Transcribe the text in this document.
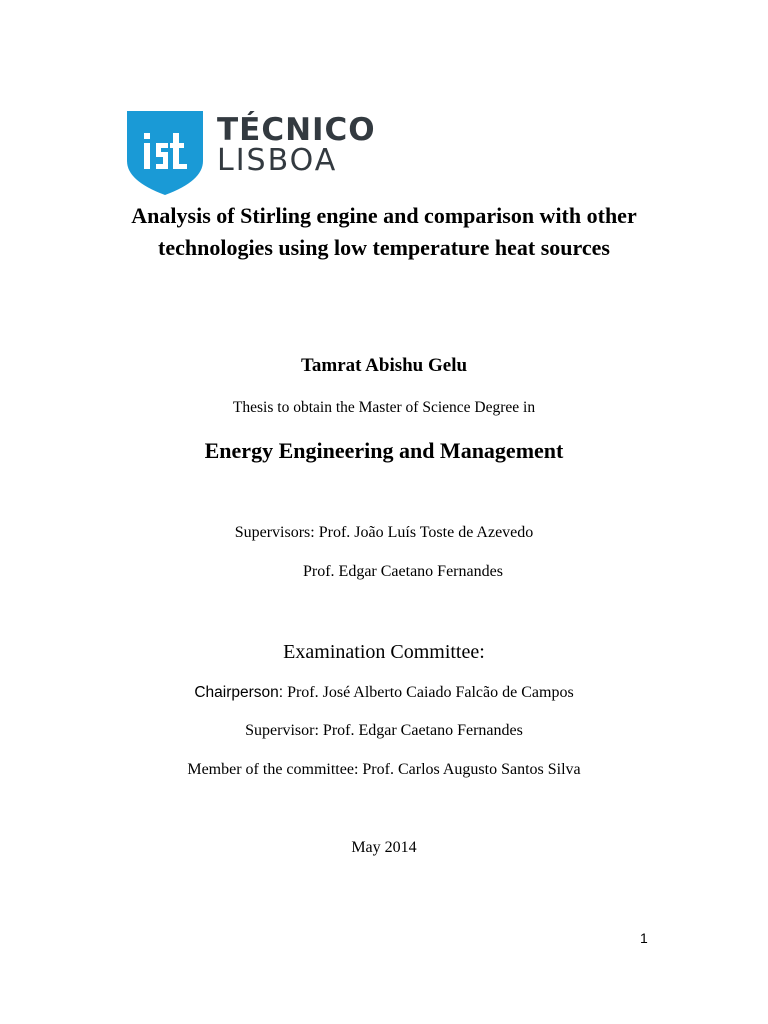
TÉCNICO
LISBOA
Analysis of Stirling engine and comparison with other technologies using low temperature heat sources
Tamrat Abishu Gelu
Thesis to obtain the Master of Science Degree in
Energy Engineering and Management
Supervisors: Prof. João Luís Toste de Azevedo
Prof. Edgar Caetano Fernandes
Examination Committee:
Chairperson: Prof. José Alberto Caiado Falcão de Campos
Supervisor: Prof. Edgar Caetano Fernandes
Member of the committee: Prof. Carlos Augusto Santos Silva
May 2014
1
